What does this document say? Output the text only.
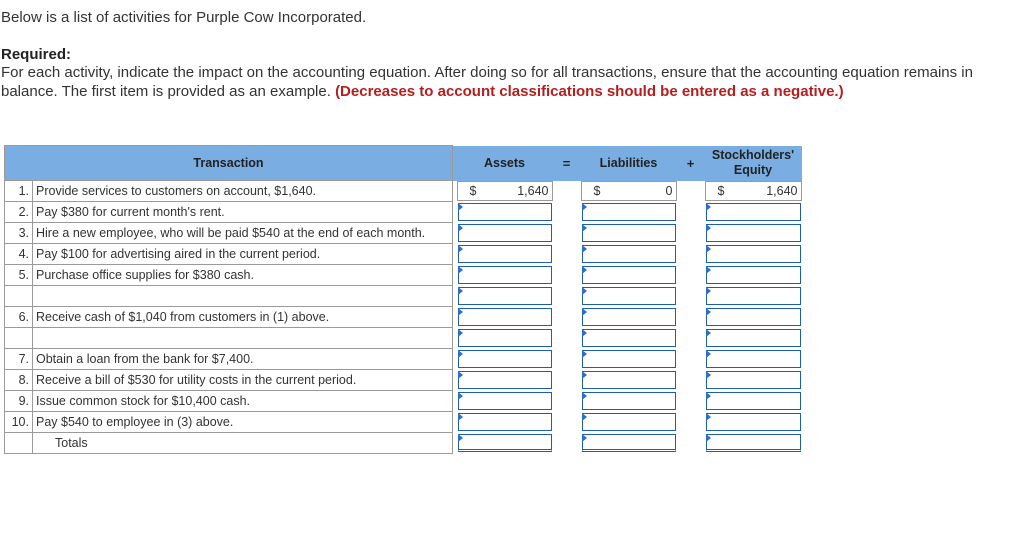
Below is a list of activities for Purple Cow Incorporated.
Required:
For each activity, indicate the impact on the accounting equation. After doing so for all transactions, ensure that the accounting equation remains in balance. The first item is provided as an example. (Decreases to account classifications should be entered as a negative.)
Transaction			Assets	=	Liabilities	+	Stockholders'
Equity

1.	Provide services to customers on account, $1,640.		$ 1,640		$ 0		$ 1,640

2.	Pay $380 for current month's rent.		

3.	Hire a new employee, who will be paid $540 at the end of each month.		

4.	Pay $100 for advertising aired in the current period.		

5.	Purchase office supplies for $380 cash.		

6.	Receive cash of $1,040 from customers in (1) above.		

7.	Obtain a loan from the bank for $7,400.		

8.	Receive a bill of $530 for utility costs in the current period.		

9.	Issue common stock for $10,400 cash.		

10.	Pay $540 to employee in (3) above.		

	Totals		
